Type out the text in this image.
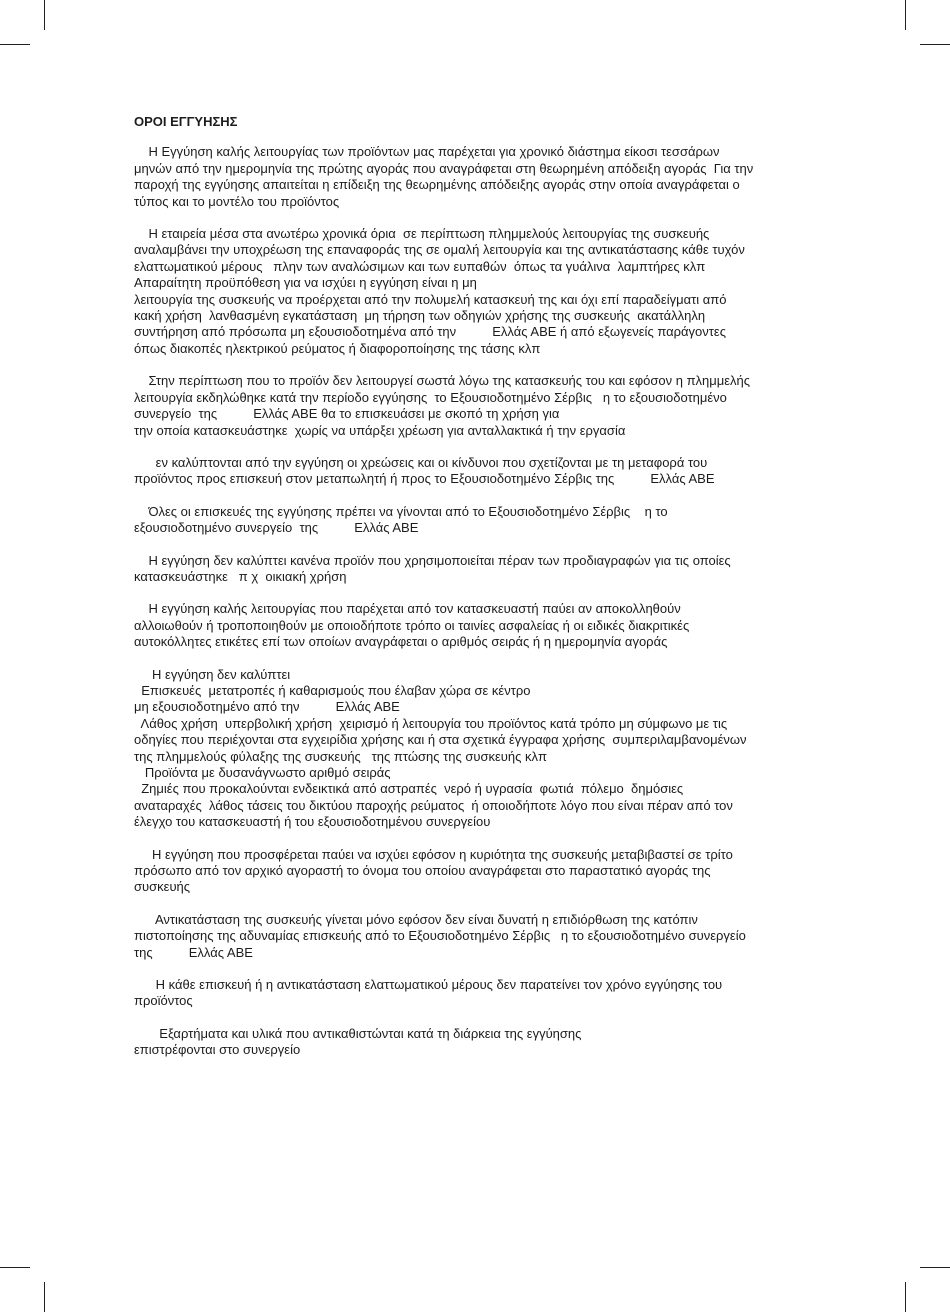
ΟΡΟΙ ΕΓΓΥΗΣΗΣ
Η Εγγύηση καλής λειτουργίας των προϊόντων μας παρέχεται για χρονικό διάστημα είκοσι τεσσάρων
μηνών από την ημερομηνία της πρώτης αγοράς που αναγράφεται στη θεωρημένη απόδειξη αγοράς  Για την
παροχή της εγγύησης απαιτείται η επίδειξη της θεωρημένης απόδειξης αγοράς στην οποία αναγράφεται ο
τύπος και το μοντέλο του προϊόντος
Η εταιρεία μέσα στα ανωτέρω χρονικά όρια  σε περίπτωση πλημμελούς λειτουργίας της συσκευής
αναλαμβάνει την υποχρέωση της επαναφοράς της σε ομαλή λειτουργία και της αντικατάστασης κάθε τυχόν
ελαττωματικού μέρους   πλην των αναλώσιμων και των ευπαθών  όπως τα γυάλινα  λαμπτήρες κλπ
Απαραίτητη προϋπόθεση για να ισχύει η εγγύηση είναι η μη
λειτουργία της συσκευής να προέρχεται από την πολυμελή κατασκευή της και όχι επί παραδείγματι από
κακή χρήση  λανθασμένη εγκατάσταση  μη τήρηση των οδηγιών χρήσης της συσκευής  ακατάλληλη
συντήρηση από πρόσωπα μη εξουσιοδοτημένα από την          Ελλάς ΑΒΕ ή από εξωγενείς παράγοντες
όπως διακοπές ηλεκτρικού ρεύματος ή διαφοροποίησης της τάσης κλπ
Στην περίπτωση που το προϊόν δεν λειτουργεί σωστά λόγω της κατασκευής του και εφόσον η πλημμελής
λειτουργία εκδηλώθηκε κατά την περίοδο εγγύησης  το Εξουσιοδοτημένο Σέρβις   η το εξουσιοδοτημένο
συνεργείο  της          Ελλάς ΑΒΕ θα το επισκευάσει με σκοπό τη χρήση για
την οποία κατασκευάστηκε  χωρίς να υπάρξει χρέωση για ανταλλακτικά ή την εργασία
εν καλύπτονται από την εγγύηση οι χρεώσεις και οι κίνδυνοι που σχετίζονται με τη μεταφορά του
προϊόντος προς επισκευή στον μεταπωλητή ή προς το Εξουσιοδοτημένο Σέρβις της          Ελλάς ΑΒΕ
Όλες οι επισκευές της εγγύησης πρέπει να γίνονται από το Εξουσιοδοτημένο Σέρβις    η το
εξουσιοδοτημένο συνεργείο  της          Ελλάς ΑΒΕ
Η εγγύηση δεν καλύπτει κανένα προϊόν που χρησιμοποιείται πέραν των προδιαγραφών για τις οποίες
κατασκευάστηκε   π χ  οικιακή χρήση
Η εγγύηση καλής λειτουργίας που παρέχεται από τον κατασκευαστή παύει αν αποκολληθούν
αλλοιωθούν ή τροποποιηθούν με οποιοδήποτε τρόπο οι ταινίες ασφαλείας ή οι ειδικές διακριτικές
αυτοκόλλητες ετικέτες επί των οποίων αναγράφεται ο αριθμός σειράς ή η ημερομηνία αγοράς
Η εγγύηση δεν καλύπτει
Επισκευές  μετατροπές ή καθαρισμούς που έλαβαν χώρα σε κέντρο
μη εξουσιοδοτημένο από την          Ελλάς ΑΒΕ
Λάθος χρήση  υπερβολική χρήση  χειρισμό ή λειτουργία του προϊόντος κατά τρόπο μη σύμφωνο με τις
οδηγίες που περιέχονται στα εγχειρίδια χρήσης και ή στα σχετικά έγγραφα χρήσης  συμπεριλαμβανομένων
της πλημμελούς φύλαξης της συσκευής   της πτώσης της συσκευής κλπ
Προϊόντα με δυσανάγνωστο αριθμό σειράς
Ζημιές που προκαλούνται ενδεικτικά από αστραπές  νερό ή υγρασία  φωτιά  πόλεμο  δημόσιες
αναταραχές  λάθος τάσεις του δικτύου παροχής ρεύματος  ή οποιοδήποτε λόγο που είναι πέραν από τον
έλεγχο του κατασκευαστή ή του εξουσιοδοτημένου συνεργείου
Η εγγύηση που προσφέρεται παύει να ισχύει εφόσον η κυριότητα της συσκευής μεταβιβαστεί σε τρίτο
πρόσωπο από τον αρχικό αγοραστή το όνομα του οποίου αναγράφεται στο παραστατικό αγοράς της
συσκευής
Αντικατάσταση της συσκευής γίνεται μόνο εφόσον δεν είναι δυνατή η επιδιόρθωση της κατόπιν
πιστοποίησης της αδυναμίας επισκευής από το Εξουσιοδοτημένο Σέρβις   η το εξουσιοδοτημένο συνεργείο
της          Ελλάς ΑΒΕ
Η κάθε επισκευή ή η αντικατάσταση ελαττωματικού μέρους δεν παρατείνει τον χρόνο εγγύησης του
προϊόντος
Εξαρτήματα και υλικά που αντικαθιστώνται κατά τη διάρκεια της εγγύησης
επιστρέφονται στο συνεργείο
